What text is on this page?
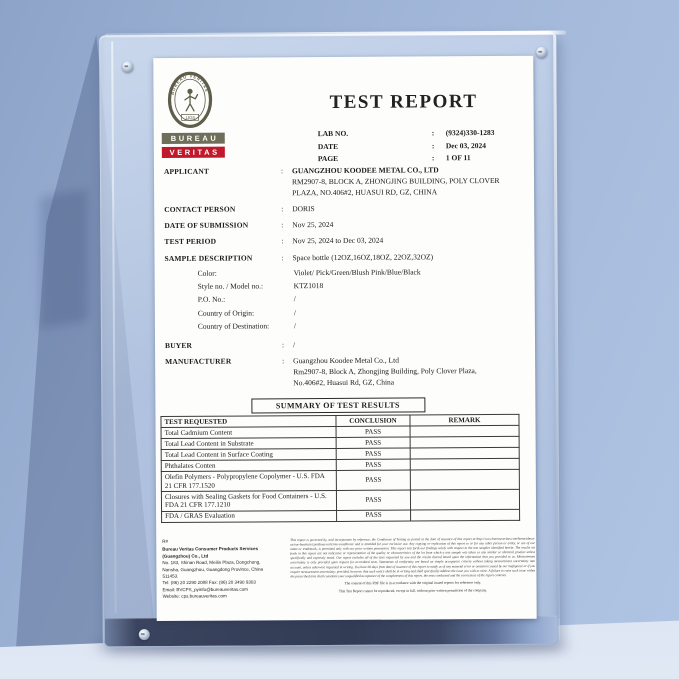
BUREAU VERITAS
1828
BUREAU
VERITAS
TEST REPORT
LAB NO.	:	(9324)330-1283
DATE	:	Dec 03, 2024
PAGE	:	1 OF 11
APPLICANT	:	GUANGZHOU KOODEE METAL CO., LTD
RM2907-8, BLOCK A, ZHONGJING BUILDING, POLY CLOVER
PLAZA, NO.406#2, HUASUI RD, GZ, CHINA
CONTACT PERSON	:	DORIS
DATE OF SUBMISSION	:	Nov 25, 2024
TEST PERIOD	:	Nov 25, 2024 to Dec 03, 2024
SAMPLE DESCRIPTION	:	Space bottle (12OZ,16OZ,18OZ, 22OZ,32OZ)
Color:	Violet/ Pick/Green/Blush Pink/Blue/Black
Style no. / Model no.:	KTZ1018
P.O. No.:	/
Country of Origin:	/
Country of Destination:	/
BUYER	:	/
MANUFACTURER	:	Guangzhou Koodee Metal Co., Ltd
Rm2907-8, Block A, Zhongjing Building, Poly Clover Plaza,
No.406#2, Huasui Rd, GZ, China
SUMMARY OF TEST RESULTS
TEST REQUESTED	CONCLUSION	REMARK
Total Cadmium Content	PASS	
Total Lead Content in Substrate	PASS	
Total Lead Content in Surface Coating	PASS	
Phthalates Conten	PASS	
Olefin Polymers - Polypropylene Copolymer - U.S. FDA 21 CFR 177.1520	PASS	
Closures with Sealing Gaskets for Food Containers - U.S. FDA 21 CFR 177.1210	PASS	
FDA / GRAS Evaluation	PASS	
R#
Bureau Veritas Consumer Products Services
(Guangzhou) Co., Ltd
No. 183, Shinan Road, Meilin Plaza, Dongchong,
Nansha, Guangzhou, Guangdong Province, China
511453.
Tel: (86) 20 2290 2088 Fax: (86) 20 3490 9303
Email: BVCPS_pyinfo@bureauveritas.com
Website: cps.bureauveritas.com

This report is governed by, and incorporates by reference, the Conditions of Testing as posted at the date of issuance of this report at http://www.bureauveritas.com/home/about-us/our-business/cps/about-us/terms-conditions/ and is intended for your exclusive use. Any copying or replication of this report to or for any other person or entity, or use of our name or trademark, is permitted only with our prior written permission. This report sets forth our findings solely with respect to the test samples identified herein. The results set forth in this report are not indicative or representative of the quality or characteristics of the lot from which a test sample was taken or any similar or identical product unless specifically and expressly noted. Our report includes all of the tests requested by you and the results thereof based upon the information that you provided to us. Measurement uncertainty is only provided upon request for accredited tests. Statements of conformity are based on simple acceptance criteria without taking measurement uncertainty into account, unless otherwise requested in writing. You have 60 days from date of issuance of this report to notify us of any material error or omission caused by our negligence or if you require measurement uncertainty; provided, however, that such notice shall be in writing and shall specifically address the issue you wish to raise. A failure to raise such issue within the prescribed time shall constitute your unqualified acceptance of the completeness of this report, the tests conducted and the correctness of the report contents.

The content of this PDF file is in accordance with the original issued reports for reference only.

This Test Report cannot be reproduced, except in full, without prior written permission of the company.
